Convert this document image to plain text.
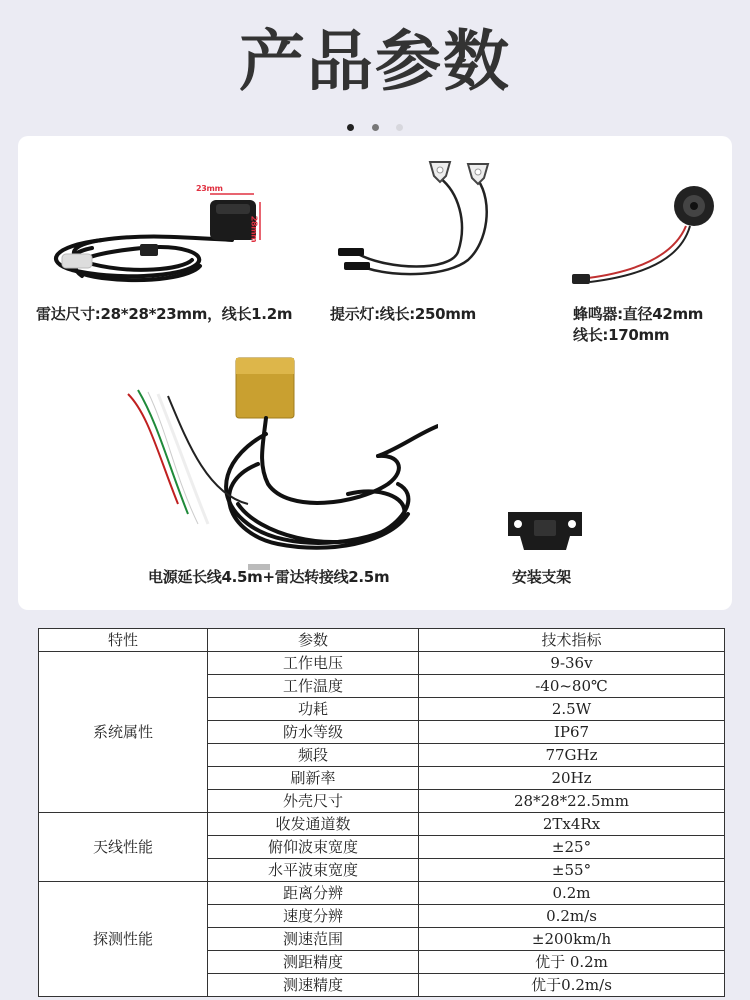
产品参数

23mm
28mm
雷达尺寸:28*28*23mm，线长1.2m	提示灯:线长:250mm	蜂鸣器:直径42mm
线长:170mm
电源延长线4.5m+雷达转接线2.5m	安装支架
特性	参数	技术指标
系统属性	工作电压	9-36v
	工作温度	-40~80℃
	功耗	2.5W
	防水等级	IP67
	频段	77GHz
	刷新率	20Hz
	外壳尺寸	28*28*22.5mm
天线性能	收发通道数	2Tx4Rx
	俯仰波束宽度	±25°
	水平波束宽度	±55°
探测性能	距离分辨	0.2m
	速度分辨	0.2m/s
	测速范围	±200km/h
	测距精度	优于 0.2m
	测速精度	优于0.2m/s
